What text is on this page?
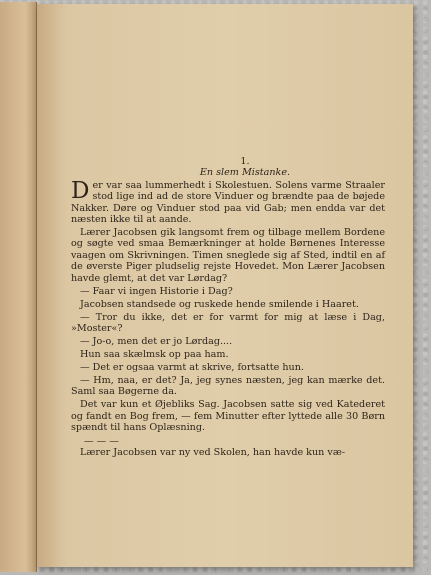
1.
En slem Mistanke.

Der var saa lummerhedt i Skolestuen. Solens varme Straaler stod lige ind ad de store Vinduer og brændte paa de bøjede Nakker. Døre og Vinduer stod paa vid Gab; men endda var det næsten ikke til at aande.

Lærer Jacobsen gik langsomt frem og tilbage mellem Bordene og søgte ved smaa Bemærkninger at holde Børnenes Interesse vaagen om Skrivningen. Timen sneglede sig af Sted, indtil en af de øverste Piger pludselig rejste Hovedet. Mon Lærer Jacobsen havde glemt, at det var Lørdag?

— Faar vi ingen Historie i Dag?

Jacobsen standsede og ruskede hende smilende i Haaret.

— Tror du ikke, det er for varmt for mig at læse i Dag, »Moster«?

— Jo-o, men det er jo Lørdag....

Hun saa skælmsk op paa ham.

— Det er ogsaa varmt at skrive, fortsatte hun.

— Hm, naa, er det? Ja, jeg synes næsten, jeg kan mærke det. Saml saa Bøgerne da.

Det var kun et Øjebliks Sag. Jacobsen satte sig ved Katederet og fandt en Bog frem, — fem Minutter efter lyttede alle 30 Børn spændt til hans Oplæsning.

— — —

Lærer Jacobsen var ny ved Skolen, han havde kun væ-
